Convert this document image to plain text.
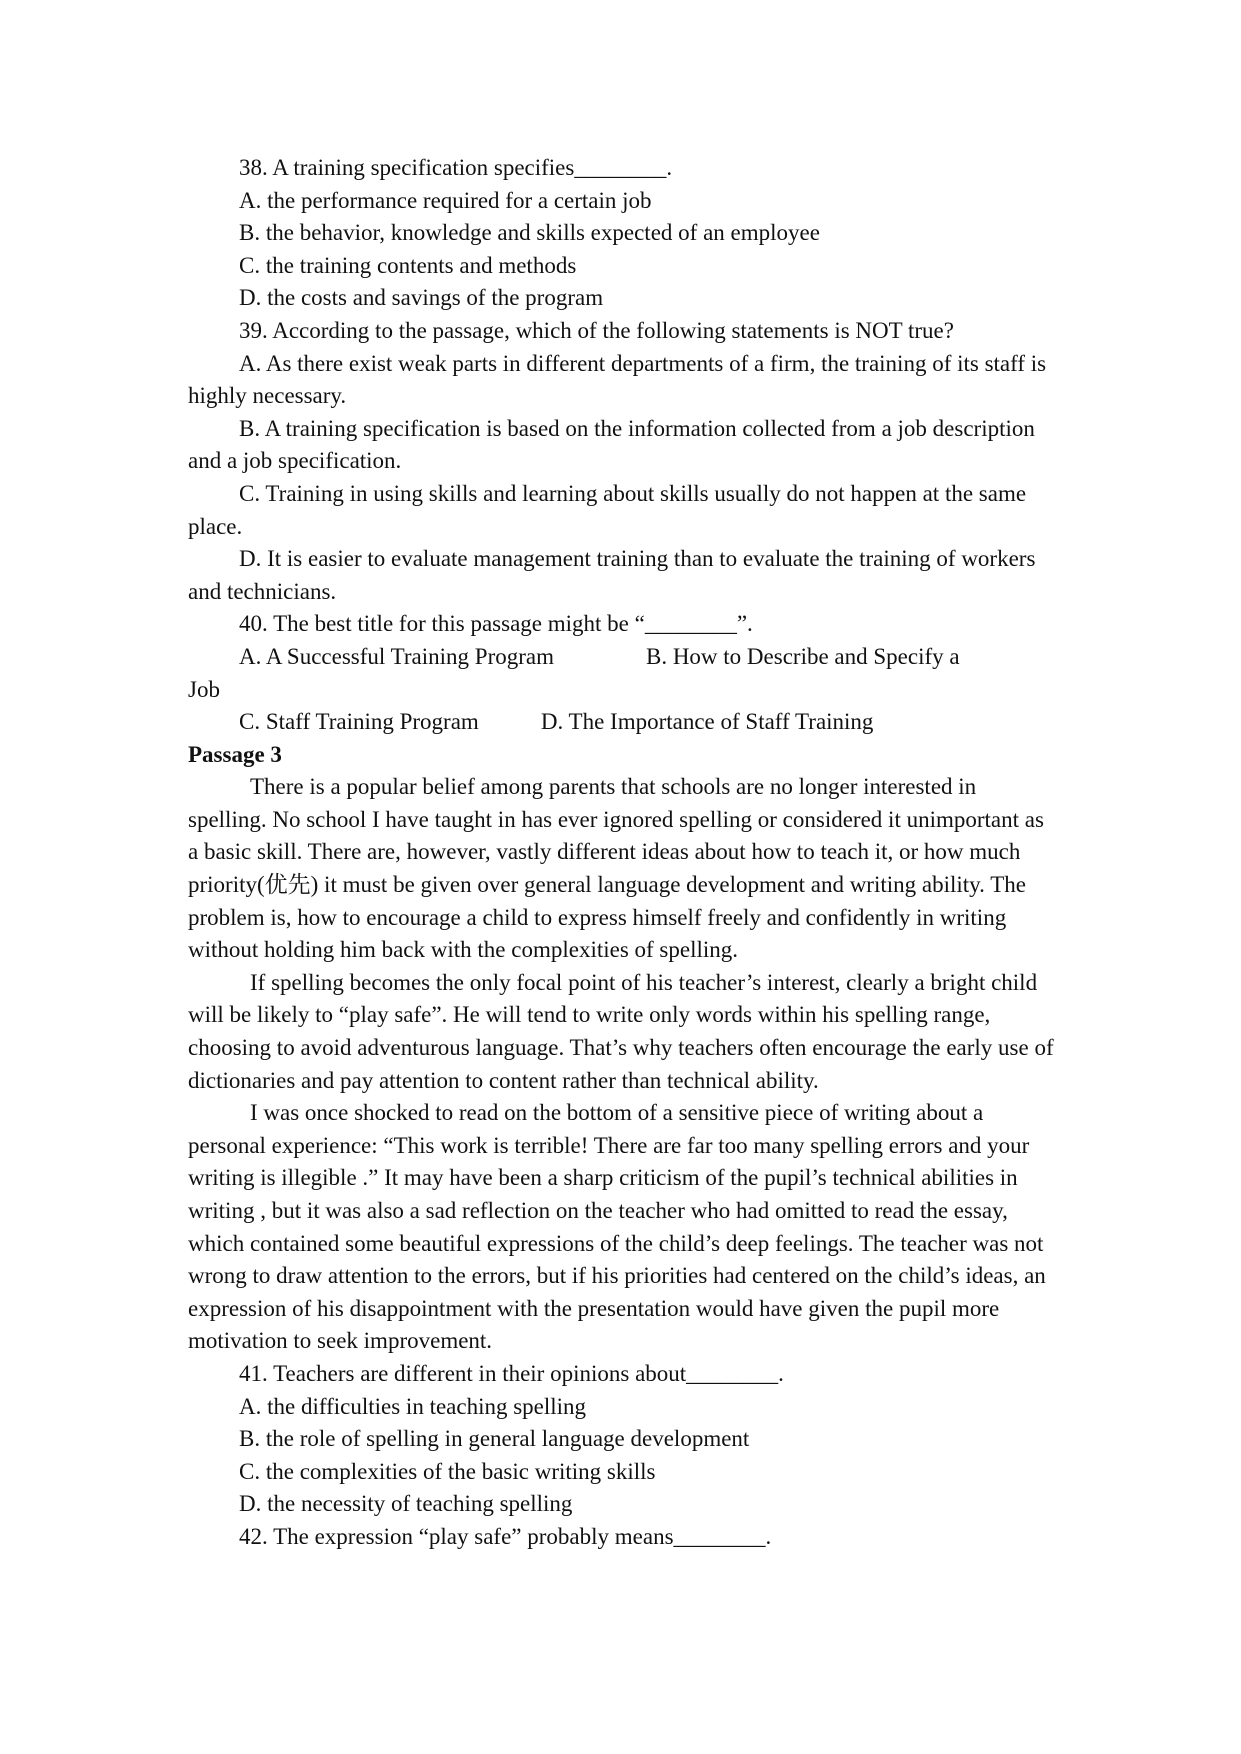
38. A training specification specifies________.
A. the performance required for a certain job
B. the behavior, knowledge and skills expected of an employee
C. the training contents and methods
D. the costs and savings of the program
39. According to the passage, which of the following statements is NOT true?
A. As there exist weak parts in different departments of a firm, the training of its staff is highly necessary.
B. A training specification is based on the information collected from a job description and a job specification.
C. Training in using skills and learning about skills usually do not happen at the same place.
D. It is easier to evaluate management training than to evaluate the training of workers and technicians.
40. The best title for this passage might be “________”.
A. A Successful Training Program	B. How to Describe and Specify a
Job
C. Staff Training Program	D. The Importance of Staff Training
Passage 3
There is a popular belief among parents that schools are no longer interested in spelling. No school I have taught in has ever ignored spelling or considered it unimportant as a basic skill. There are, however, vastly different ideas about how to teach it, or how much priority(优先) it must be given over general language development and writing ability. The problem is, how to encourage a child to express himself freely and confidently in writing without holding him back with the complexities of spelling.
If spelling becomes the only focal point of his teacher’s interest, clearly a bright child will be likely to “play safe”. He will tend to write only words within his spelling range, choosing to avoid adventurous language. That’s why teachers often encourage the early use of dictionaries and pay attention to content rather than technical ability.
I was once shocked to read on the bottom of a sensitive piece of writing about a personal experience: “This work is terrible! There are far too many spelling errors and your writing is illegible .” It may have been a sharp criticism of the pupil’s technical abilities in writing , but it was also a sad reflection on the teacher who had omitted to read the essay, which contained some beautiful expressions of the child’s deep feelings. The teacher was not wrong to draw attention to the errors, but if his priorities had centered on the child’s ideas, an expression of his disappointment with the presentation would have given the pupil more motivation to seek improvement.
41. Teachers are different in their opinions about________.
A. the difficulties in teaching spelling
B. the role of spelling in general language development
C. the complexities of the basic writing skills
D. the necessity of teaching spelling
42. The expression “play safe” probably means________.
